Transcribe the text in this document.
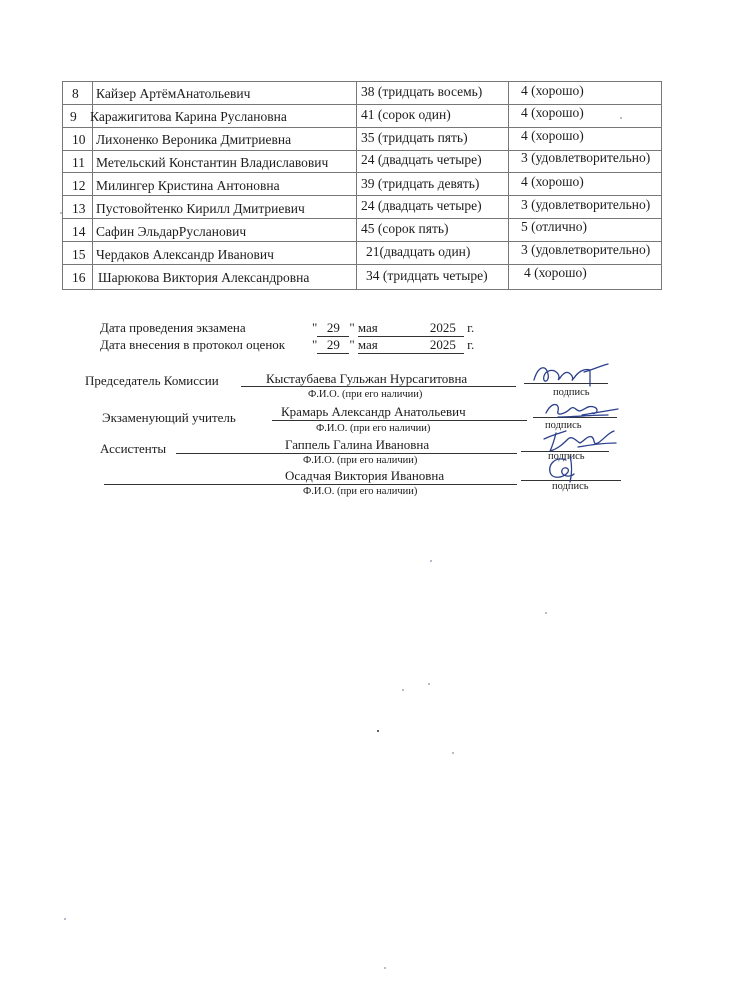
8 Кайзер АртёмАнатольевич	38 (тридцать восемь)	4 (хорошо)
9 Каражигитова Карина Руслановна	41 (сорок один)	4 (хорошо)
10 Лихоненко Вероника Дмитриевна	35 (тридцать пять)	4 (хорошо)
11 Метельский Константин Владиславович 24 (двадцать четыре)	3 (удовлетворительно)
12 Милингер Кристина Антоновна	39 (тридцать девять)	4 (хорошо)
13 Пустовойтенко Кирилл Дмитриевич	24 (двадцать четыре)	3 (удовлетворительно)
14 Сафин ЭльдарРусланович	45 (сорок пять)	5 (отлично)
15 Чердаков Александр Иванович	21(двадцать один)	3 (удовлетворительно)
16 Шарюкова Виктория Александровна	34 (тридцать четыре)	4 (хорошо)
Дата проведения экзамена	" 29 " мая	2025 г.
Дата внесения в протокол оценок " 29 " мая	2025 г.
Председатель Комиссии	Кыстаубаева Гульжан Нурсагитовна
Ф.И.О. (при его наличии)	подпись
Экзаменующий учитель	Крамарь Александр Анатольевич
Ф.И.О. (при его наличии)	подпись
Ассистенты	Гаппель Галина Ивановна
Ф.И.О. (при его наличии)	подпись
Осадчая Виктория Ивановна
Ф.И.О. (при его наличии)	подпись
